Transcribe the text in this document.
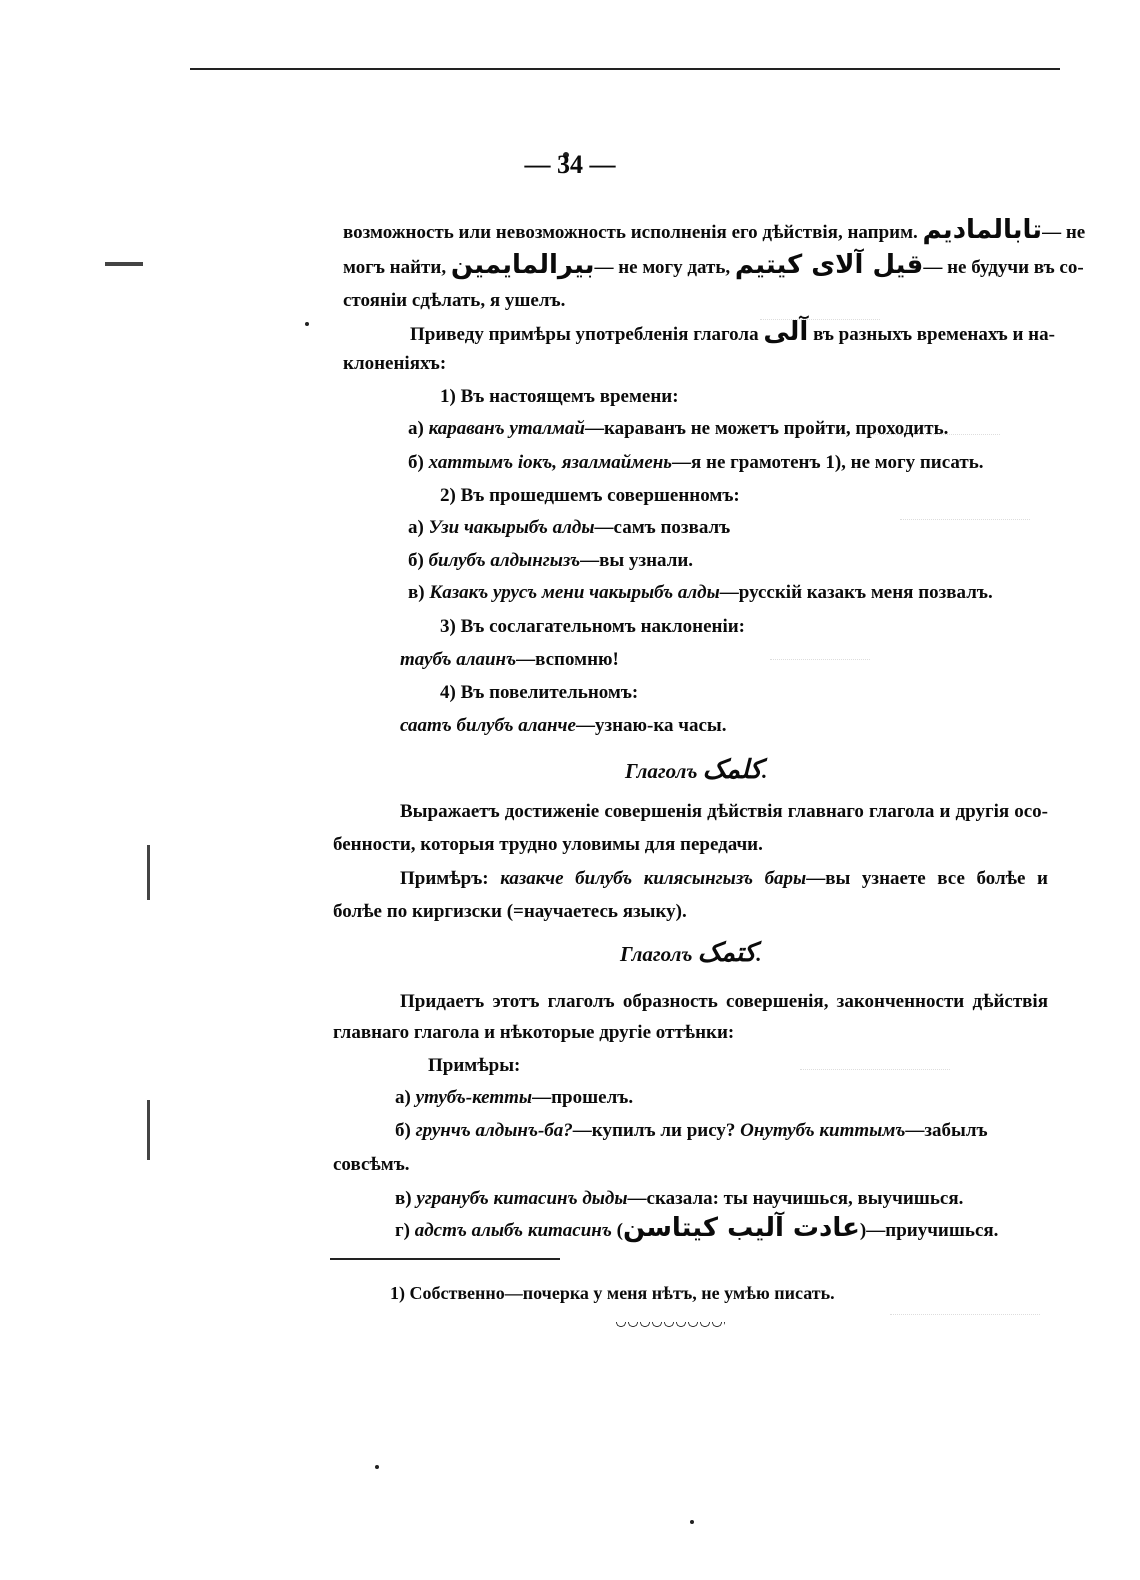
— 34 —
возможность или невозможность исполненія его дѣйствія, наприм. تابالمادیم— не
могъ найти, بیرالمایمین— не могу дать, قیل آلای کیتیم— не будучи въ со-
стояніи сдѣлать, я ушелъ.
Приведу примѣры употребленія глагола آلی въ разныхъ временахъ и на-
клоненіяхъ:
1) Въ настоящемъ времени:
а) караванъ уталмай—караванъ не можетъ пройти, проходить.
б) хаттымъ іокъ, язалмаймень—я не грамотенъ 1), не могу писать.
2) Въ прошедшемъ совершенномъ:
а) Узи чакырыбъ алды—самъ позвалъ
б) билубъ алдынгызъ—вы узнали.
в) Казакъ урусъ мени чакырыбъ алды—русскій казакъ меня позвалъ.
3) Въ сослагательномъ наклоненіи:
таубъ алаинъ—вспомню!
4) Въ повелительномъ:
саатъ билубъ аланче—узнаю-ка часы.
Глаголъ کلمک.
Выражаетъ достиженіе совершенія дѣйствія главнаго глагола и другія осо-
бенности, которыя трудно уловимы для передачи.
Примѣръ: казакче билубъ килясынгызъ бары—вы узнаете все болѣе и
болѣе по киргизски (=научаетесь языку).
Глаголъ کتمک.
Придаетъ этотъ глаголъ образность совершенія, законченности дѣйствія
главнаго глагола и нѣкоторые другіе оттѣнки:
Примѣры:
а) утубъ-кетты—прошелъ.
б) грунчъ алдынъ-ба?—купилъ ли рису? Онутубъ киттымъ—забылъ
совсѣмъ.
в) угранубъ китасинъ дыды—сказала: ты научишься, выучишься.
г) адстъ алыбъ китасинъ (عادت آلیب کیتاسن)—приучишься.
1) Собственно—почерка у меня нѣтъ, не умѣю писать.
